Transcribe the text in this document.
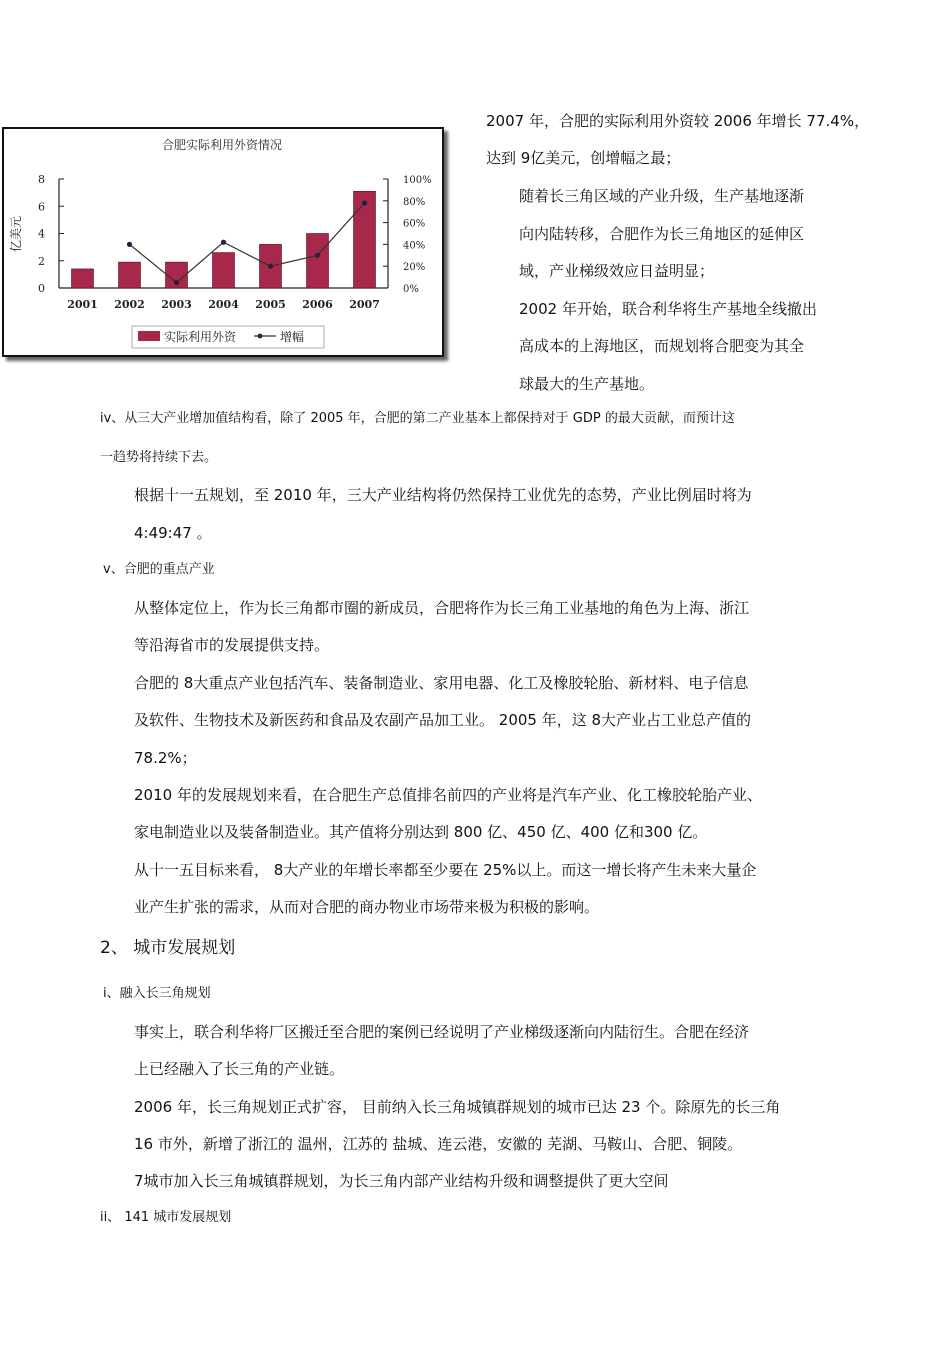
合肥实际利用外资情况
0
2
4
6
8
0%
20%
40%
60%
80%
100%
亿美元
2001 2002 2003 2004 2005 2006 2007
实际利用外资	增幅
2007 年，合肥的实际利用外资较 2006 年增长 77.4%，
达到 9亿美元，创增幅之最；
随着长三角区域的产业升级，生产基地逐渐
向内陆转移，合肥作为长三角地区的延伸区
域，产业梯级效应日益明显；
2002 年开始，联合利华将生产基地全线撤出
高成本的上海地区，而规划将合肥变为其全
球最大的生产基地。
iv、从三大产业增加值结构看，除了 2005 年，合肥的第二产业基本上都保持对于 GDP 的最大贡献，而预计这
一趋势将持续下去。
根据十一五规划，至 2010 年，三大产业结构将仍然保持工业优先的态势，产业比例届时将为
4:49:47 。
v、合肥的重点产业
从整体定位上，作为长三角都市圈的新成员，合肥将作为长三角工业基地的角色为上海、浙江
等沿海省市的发展提供支持。
合肥的 8大重点产业包括汽车、装备制造业、家用电器、化工及橡胶轮胎、新材料、电子信息
及软件、生物技术及新医药和食品及农副产品加工业。 2005 年，这 8大产业占工业总产值的
78.2%；
2010 年的发展规划来看，在合肥生产总值排名前四的产业将是汽车产业、化工橡胶轮胎产业、
家电制造业以及装备制造业。其产值将分别达到 800 亿、450 亿、400 亿和300 亿。
从十一五目标来看， 8大产业的年增长率都至少要在 25%以上。而这一增长将产生未来大量企
业产生扩张的需求，从而对合肥的商办物业市场带来极为积极的影响。
2、 城市发展规划
i、融入长三角规划
事实上，联合利华将厂区搬迁至合肥的案例已经说明了产业梯级逐渐向内陆衍生。合肥在经济
上已经融入了长三角的产业链。
2006 年，长三角规划正式扩容， 目前纳入长三角城镇群规划的城市已达 23 个。除原先的长三角
16 市外，新增了浙江的 温州，江苏的 盐城、连云港，安徽的 芜湖、马鞍山、合肥、铜陵。
7城市加入长三角城镇群规划，为长三角内部产业结构升级和调整提供了更大空间
ii、 141 城市发展规划
